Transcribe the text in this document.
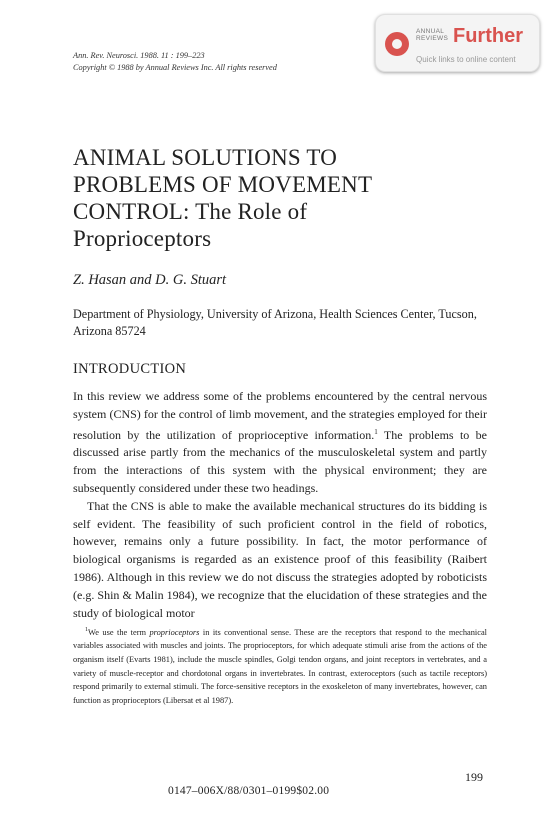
Ann. Rev. Neurosci. 1988. 11 : 199–223
Copyright © 1988 by Annual Reviews Inc. All rights reserved
ANNUAL
REVIEWS Further
Quick links to online content
ANIMAL SOLUTIONS TO
PROBLEMS OF MOVEMENT
CONTROL: The Role of
Proprioceptors
Z. Hasan and D. G. Stuart
Department of Physiology, University of Arizona, Health Sciences Center, Tucson, Arizona 85724
INTRODUCTION

In this review we address some of the problems encountered by the central nervous system (CNS) for the control of limb movement, and the strategies employed for their resolution by the utilization of proprioceptive information.$^1$ The problems to be discussed arise partly from the mechanics of the musculoskeletal system and partly from the interactions of this system with the physical environment; they are subsequently considered under these two headings.

That the CNS is able to make the available mechanical structures do its bidding is self evident. The feasibility of such proficient control in the field of robotics, however, remains only a future possibility. In fact, the motor performance of biological organisms is regarded as an existence proof of this feasibility (Raibert 1986). Although in this review we do not discuss the strategies adopted by roboticists (e.g. Shin & Malin 1984), we recognize that the elucidation of these strategies and the study of biological motor

$^1$We use the term proprioceptors in its conventional sense. These are the receptors that respond to the mechanical variables associated with muscles and joints. The proprioceptors, for which adequate stimuli arise from the actions of the organism itself (Evarts 1981), include the muscle spindles, Golgi tendon organs, and joint receptors in vertebrates, and a variety of muscle-receptor and chordotonal organs in invertebrates. In contrast, exteroceptors (such as tactile receptors) respond primarily to external stimuli. The force-sensitive receptors in the exoskeleton of many invertebrates, however, can function as proprioceptors (Libersat et al 1987).

199
0147–006X/88/0301–0199$02.00
